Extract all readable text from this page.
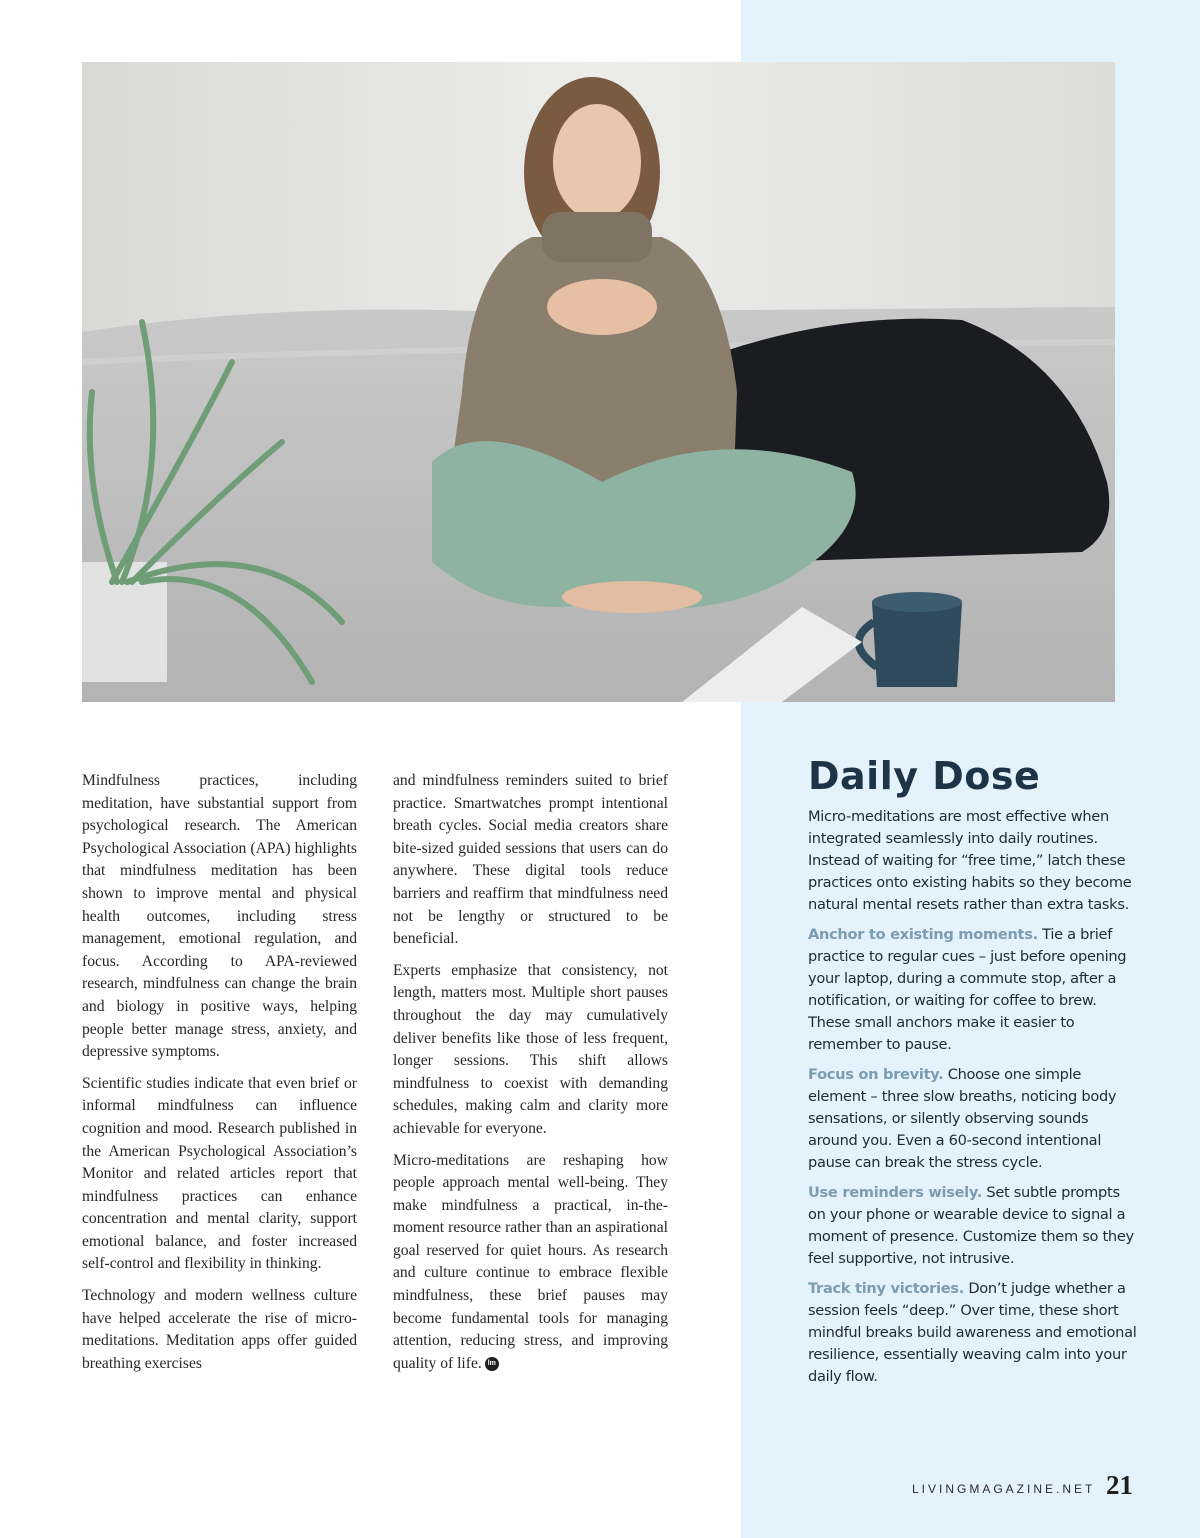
Mindfulness practices, including meditation, have substantial support from psychological research. The American Psychological Association (APA) highlights that mindfulness meditation has been shown to improve mental and physical health outcomes, including stress management, emotional regulation, and focus. According to APA-reviewed research, mindfulness can change the brain and biology in positive ways, helping people better manage stress, anxiety, and depressive symptoms.

Scientific studies indicate that even brief or informal mindfulness can influence cognition and mood. Research published in the American Psychological Association’s Monitor and related articles report that mindfulness practices can enhance concentration and mental clarity, support emotional balance, and foster increased self-control and flexibility in thinking.

Technology and modern wellness culture have helped accelerate the rise of micro-meditations. Meditation apps offer guided breathing exercises

and mindfulness reminders suited to brief practice. Smartwatches prompt intentional breath cycles. Social media creators share bite-sized guided sessions that users can do anywhere. These digital tools reduce barriers and reaffirm that mindfulness need not be lengthy or structured to be beneficial.

Experts emphasize that consistency, not length, matters most. Multiple short pauses throughout the day may cumulatively deliver benefits like those of less frequent, longer sessions. This shift allows mindfulness to coexist with demanding schedules, making calm and clarity more achievable for everyone.

Micro-meditations are reshaping how people approach mental well-being. They make mindfulness a practical, in-the-moment resource rather than an aspirational goal reserved for quiet hours. As research and culture continue to embrace flexible mindfulness, these brief pauses may become fundamental tools for managing attention, reducing stress, and improving quality of life. lm

Daily Dose

Micro-meditations are most effective when integrated seamlessly into daily routines. Instead of waiting for “free time,” latch these practices onto existing habits so they become natural mental resets rather than extra tasks.

Anchor to existing moments. Tie a brief practice to regular cues – just before opening your laptop, during a commute stop, after a notification, or waiting for coffee to brew. These small anchors make it easier to remember to pause.

Focus on brevity. Choose one simple element – three slow breaths, noticing body sensations, or silently observing sounds around you. Even a 60-second intentional pause can break the stress cycle.

Use reminders wisely. Set subtle prompts on your phone or wearable device to signal a moment of presence. Customize them so they feel supportive, not intrusive.

Track tiny victories. Don’t judge whether a session feels “deep.” Over time, these short mindful breaks build awareness and emotional resilience, essentially weaving calm into your daily flow.

LIVINGMAGAZINE.NET 21
